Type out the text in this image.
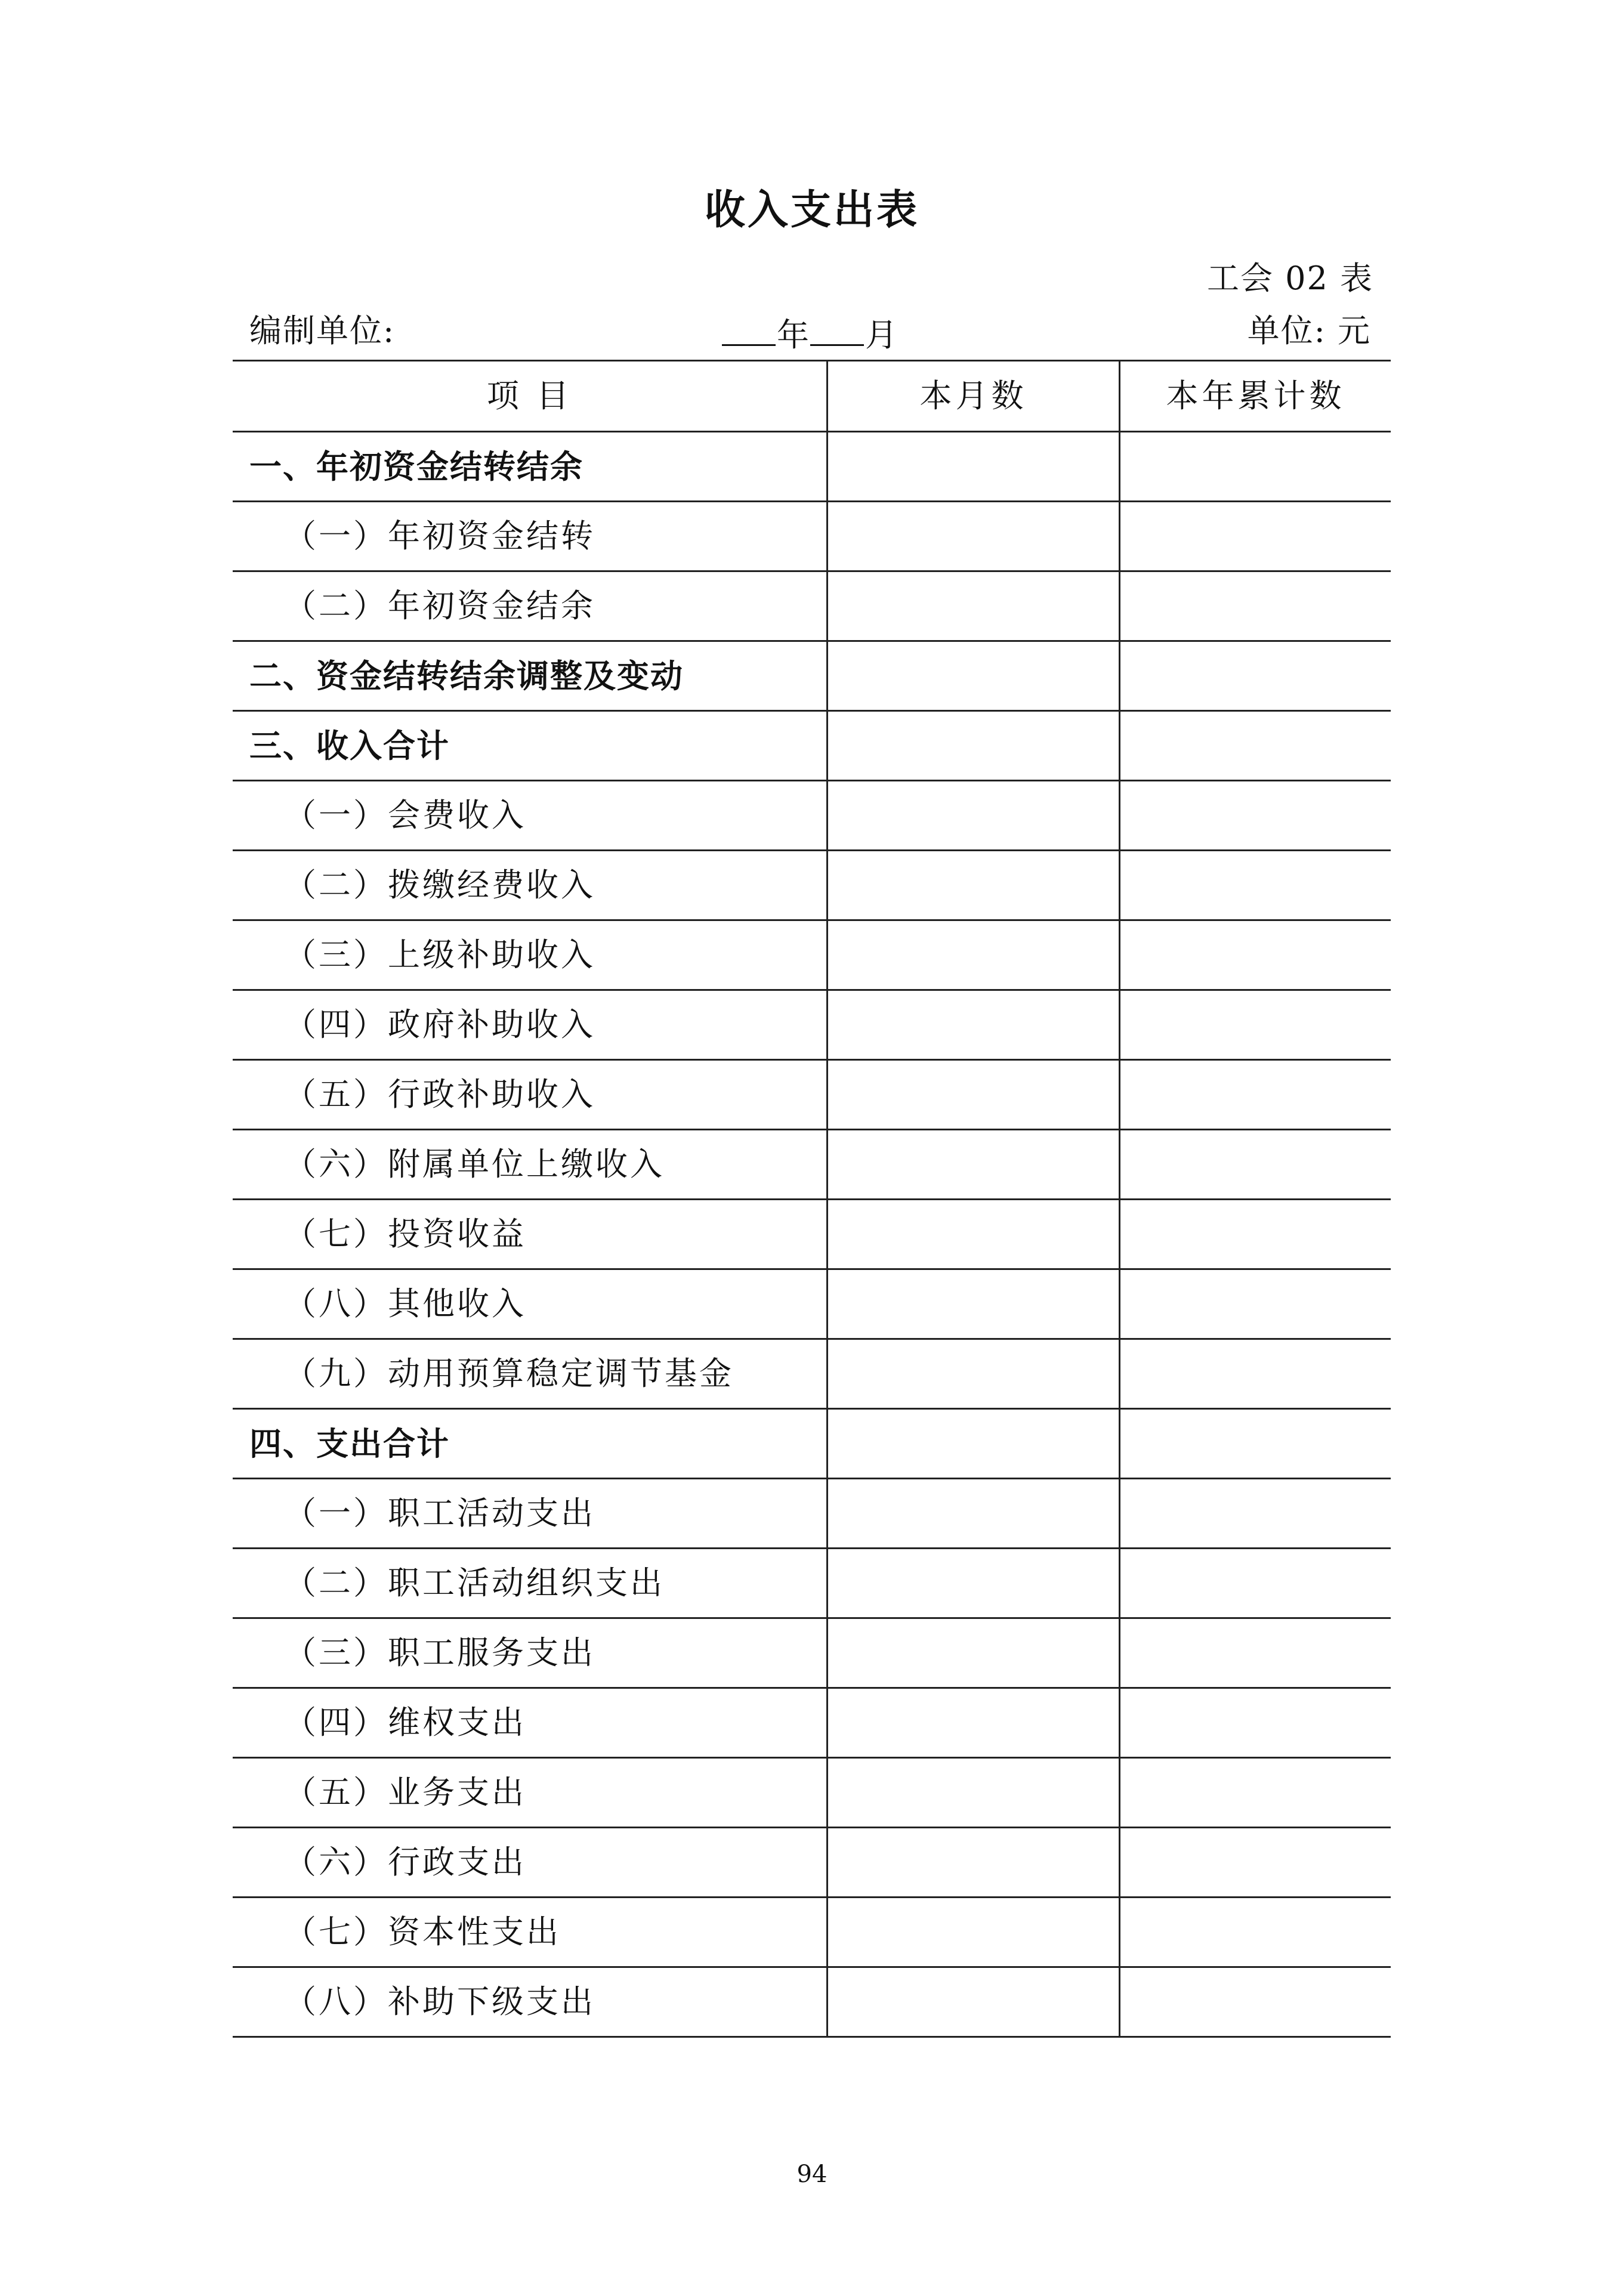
收入支出表
工会 02 表
编制单位:	年 月	单位: 元
项 目	本月数	本年累计数
一、年初资金结转结余		
（一）年初资金结转		
（二）年初资金结余		
二、资金结转结余调整及变动		
三、收入合计		
（一）会费收入		
（二）拨缴经费收入		
（三）上级补助收入		
（四）政府补助收入		
（五）行政补助收入		
（六）附属单位上缴收入		
（七）投资收益		
（八）其他收入		
（九）动用预算稳定调节基金		
四、支出合计		
（一）职工活动支出		
（二）职工活动组织支出		
（三）职工服务支出		
（四）维权支出		
（五）业务支出		
（六）行政支出		
（七）资本性支出		
（八）补助下级支出		
94
